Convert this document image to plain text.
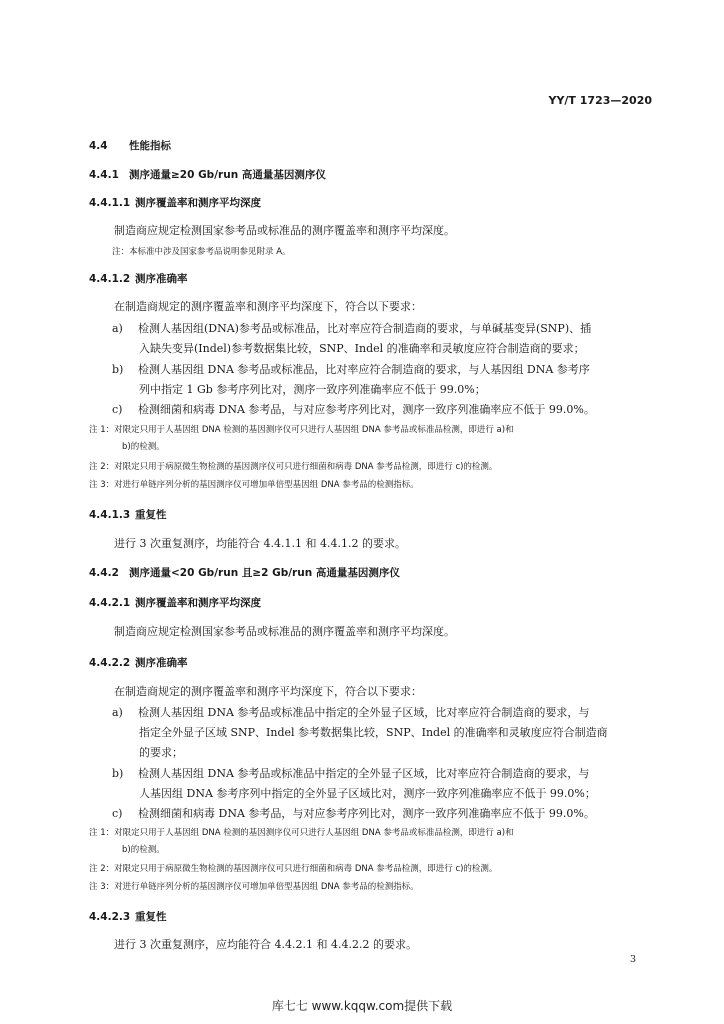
YY/T 1723—2020
4.4 性能指标
4.4.1 测序通量≥20 Gb/run 高通量基因测序仪
4.4.1.1 测序覆盖率和测序平均深度
制造商应规定检测国家参考品或标准品的测序覆盖率和测序平均深度。
注：本标准中涉及国家参考品说明参见附录 A。
4.4.1.2 测序准确率
在制造商规定的测序覆盖率和测序平均深度下，符合以下要求：
a) 检测人基因组(DNA)参考品或标准品，比对率应符合制造商的要求，与单碱基变异(SNP)、插
入缺失变异(Indel)参考数据集比较，SNP、Indel 的准确率和灵敏度应符合制造商的要求；
b) 检测人基因组 DNA 参考品或标准品，比对率应符合制造商的要求，与人基因组 DNA 参考序
列中指定 1 Gb 参考序列比对，测序一致序列准确率应不低于 99.0%；
c) 检测细菌和病毒 DNA 参考品，与对应参考序列比对，测序一致序列准确率应不低于 99.0%。
注 1：对限定只用于人基因组 DNA 检测的基因测序仪可只进行人基因组 DNA 参考品或标准品检测，即进行 a)和
b)的检测。
注 2：对限定只用于病原微生物检测的基因测序仪可只进行细菌和病毒 DNA 参考品检测，即进行 c)的检测。
注 3：对进行单链序列分析的基因测序仪可增加单倍型基因组 DNA 参考品的检测指标。
4.4.1.3 重复性
进行 3 次重复测序，均能符合 4.4.1.1 和 4.4.1.2 的要求。
4.4.2 测序通量<20 Gb/run 且≥2 Gb/run 高通量基因测序仪
4.4.2.1 测序覆盖率和测序平均深度
制造商应规定检测国家参考品或标准品的测序覆盖率和测序平均深度。
4.4.2.2 测序准确率
在制造商规定的测序覆盖率和测序平均深度下，符合以下要求：
a) 检测人基因组 DNA 参考品或标准品中指定的全外显子区域，比对率应符合制造商的要求，与
指定全外显子区域 SNP、Indel 参考数据集比较，SNP、Indel 的准确率和灵敏度应符合制造商
的要求；
b) 检测人基因组 DNA 参考品或标准品中指定的全外显子区域，比对率应符合制造商的要求，与
人基因组 DNA 参考序列中指定的全外显子区域比对，测序一致序列准确率应不低于 99.0%；
c) 检测细菌和病毒 DNA 参考品，与对应参考序列比对，测序一致序列准确率应不低于 99.0%。
注 1：对限定只用于人基因组 DNA 检测的基因测序仪可只进行人基因组 DNA 参考品或标准品检测，即进行 a)和
b)的检测。
注 2：对限定只用于病原微生物检测的基因测序仪可只进行细菌和病毒 DNA 参考品检测，即进行 c)的检测。
注 3：对进行单链序列分析的基因测序仪可增加单倍型基因组 DNA 参考品的检测指标。
4.4.2.3 重复性
进行 3 次重复测序，应均能符合 4.4.2.1 和 4.4.2.2 的要求。
3
库七七 www.kqqw.com提供下载
